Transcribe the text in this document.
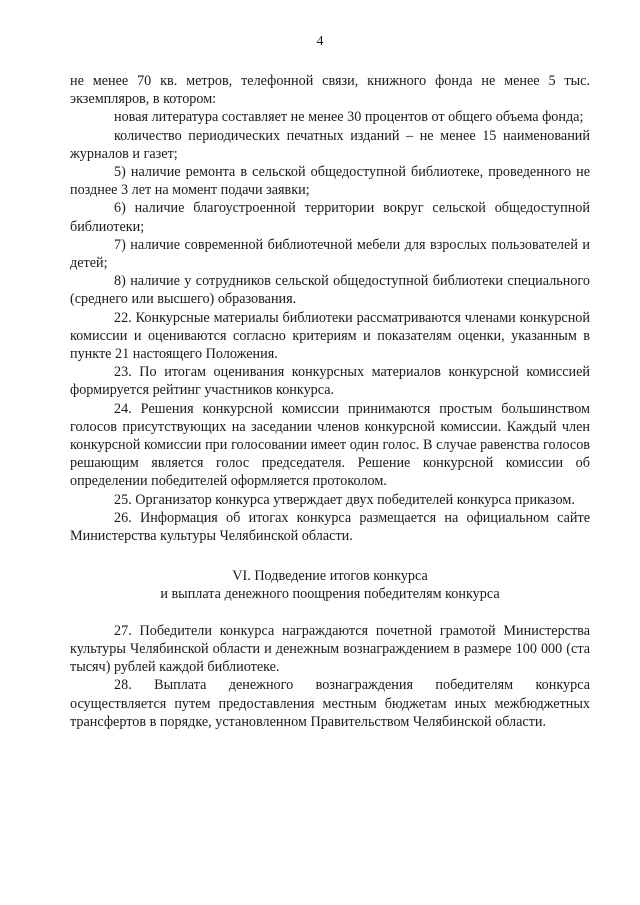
4

не менее 70 кв. метров, телефонной связи, книжного фонда не менее 5 тыс. экземпляров, в котором:

новая литература составляет не менее 30 процентов от общего объема фонда;

количество периодических печатных изданий – не менее 15 наименований журналов и газет;

5) наличие ремонта в сельской общедоступной библиотеке, проведенного не позднее 3 лет на момент подачи заявки;

6) наличие благоустроенной территории вокруг сельской общедоступной библиотеки;

7) наличие современной библиотечной мебели для взрослых пользователей и детей;

8) наличие у сотрудников сельской общедоступной библиотеки специального (среднего или высшего) образования.

22. Конкурсные материалы библиотеки рассматриваются членами конкурсной комиссии и оцениваются согласно критериям и показателям оценки, указанным в пункте 21 настоящего Положения.

23. По итогам оценивания конкурсных материалов конкурсной комиссией формируется рейтинг участников конкурса.

24. Решения конкурсной комиссии принимаются простым большинством голосов присутствующих на заседании членов конкурсной комиссии. Каждый член конкурсной комиссии при голосовании имеет один голос. В случае равенства голосов решающим является голос председателя. Решение конкурсной комиссии об определении победителей оформляется протоколом.

25. Организатор конкурса утверждает двух победителей конкурса приказом.

26. Информация об итогах конкурса размещается на официальном сайте Министерства культуры Челябинской области.

VI. Подведение итогов конкурса

и выплата денежного поощрения победителям конкурса

27. Победители конкурса награждаются почетной грамотой Министерства культуры Челябинской области и денежным вознаграждением в размере 100 000 (ста тысяч) рублей каждой библиотеке.

28. Выплата денежного вознаграждения победителям конкурса осуществляется путем предоставления местным бюджетам иных межбюджетных трансфертов в порядке, установленном Правительством Челябинской области.
